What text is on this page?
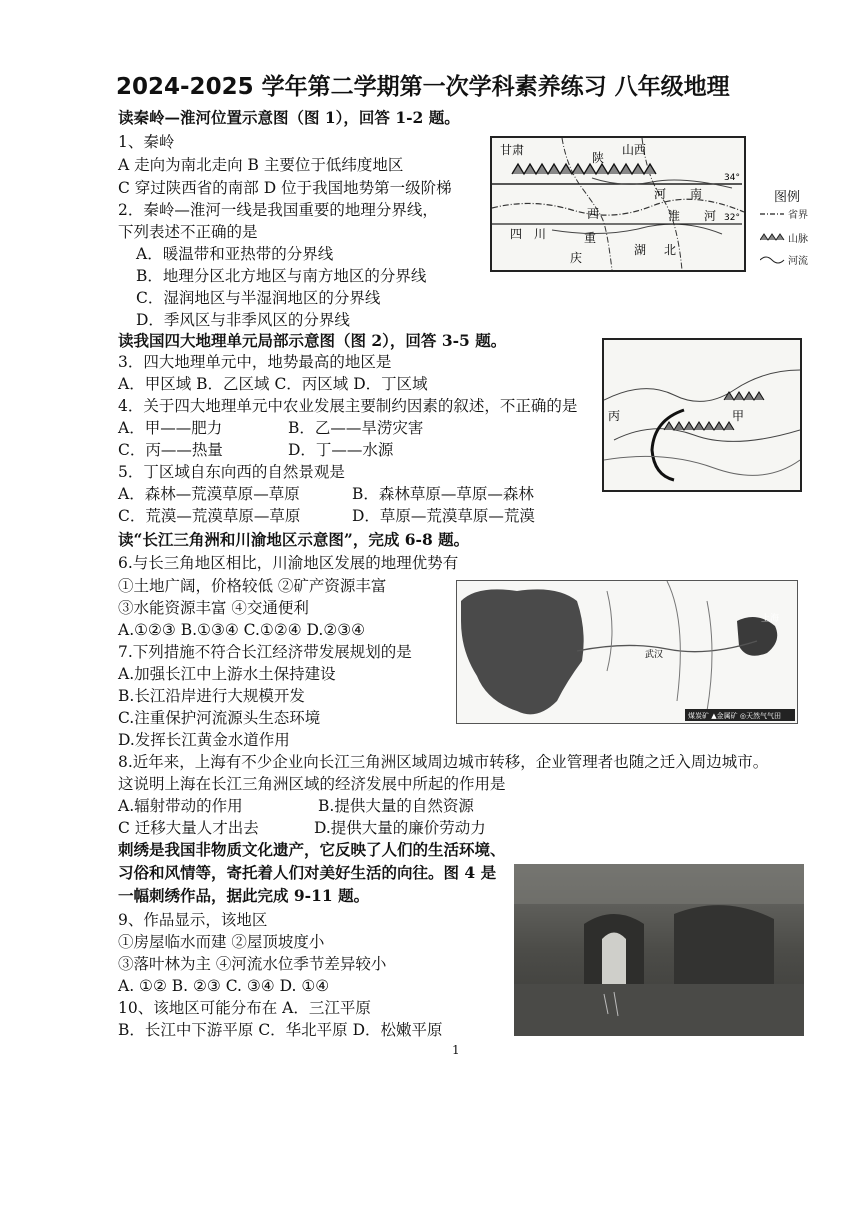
2024-2025 学年第二学期第一次学科素养练习 八年级地理
读秦岭—淮河位置示意图（图 1），回答 1-2 题。
1、秦岭
A 走向为南北走向 B 主要位于低纬度地区
C 穿过陕西省的南部 D 位于我国地势第一级阶梯
2．秦岭—淮河一线是我国重要的地理分界线，
下列表述不正确的是
A．暖温带和亚热带的分界线
B．地理分区北方地区与南方地区的分界线
C．湿润地区与半湿润地区的分界线
D．季风区与非季风区的分界线
甘肃
陕
山西
河 南
西	淮 河
四 川	重
庆
湖 北
34°
32°
图例
省界
山脉
河流
读我国四大地理单元局部示意图（图 2），回答 3-5 题。
3．四大地理单元中，地势最高的地区是
A．甲区域 B．乙区域 C．丙区域 D．丁区域
4．关于四大地理单元中农业发展主要制约因素的叙述，不正确的是
A．甲——肥力	B．乙——旱涝灾害
C．丙——热量	D．丁——水源
5．丁区域自东向西的自然景观是
A．森林—荒漠草原—草原	B．森林草原—草原—森林
C．荒漠—荒漠草原—草原	D．草原—荒漠草原—荒漠
丙	甲
读“长江三角洲和川渝地区示意图”，完成 6-8 题。
6.与长三角地区相比，川渝地区发展的地理优势有
①土地广阔，价格较低 ②矿产资源丰富
③水能资源丰富 ④交通便利
A.①②③ B.①③④ C.①②④ D.②③④
7.下列措施不符合长江经济带发展规划的是
A.加强长江中上游水土保持建设
B.长江沿岸进行大规模开发
C.注重保护河流源头生态环境
D.发挥长江黄金水道作用
武汉
上海
煤炭矿 ▲金属矿 ◎天然气气田
8.近年来，上海有不少企业向长江三角洲区域周边城市转移，企业管理者也随之迁入周边城市。
这说明上海在长江三角洲区域的经济发展中所起的作用是
A.辐射带动的作用	B.提供大量的自然资源
C 迁移大量人才出去	D.提供大量的廉价劳动力
刺绣是我国非物质文化遗产，它反映了人们的生活环境、
习俗和风情等，寄托着人们对美好生活的向往。图 4 是
一幅刺绣作品，据此完成 9-11 题。
9、作品显示，该地区
①房屋临水而建 ②屋顶坡度小
③落叶林为主 ④河流水位季节差异较小
A. ①② B. ②③ C. ③④ D. ①④
10、该地区可能分布在 A．三江平原
B．长江中下游平原 C．华北平原 D．松嫩平原
1
